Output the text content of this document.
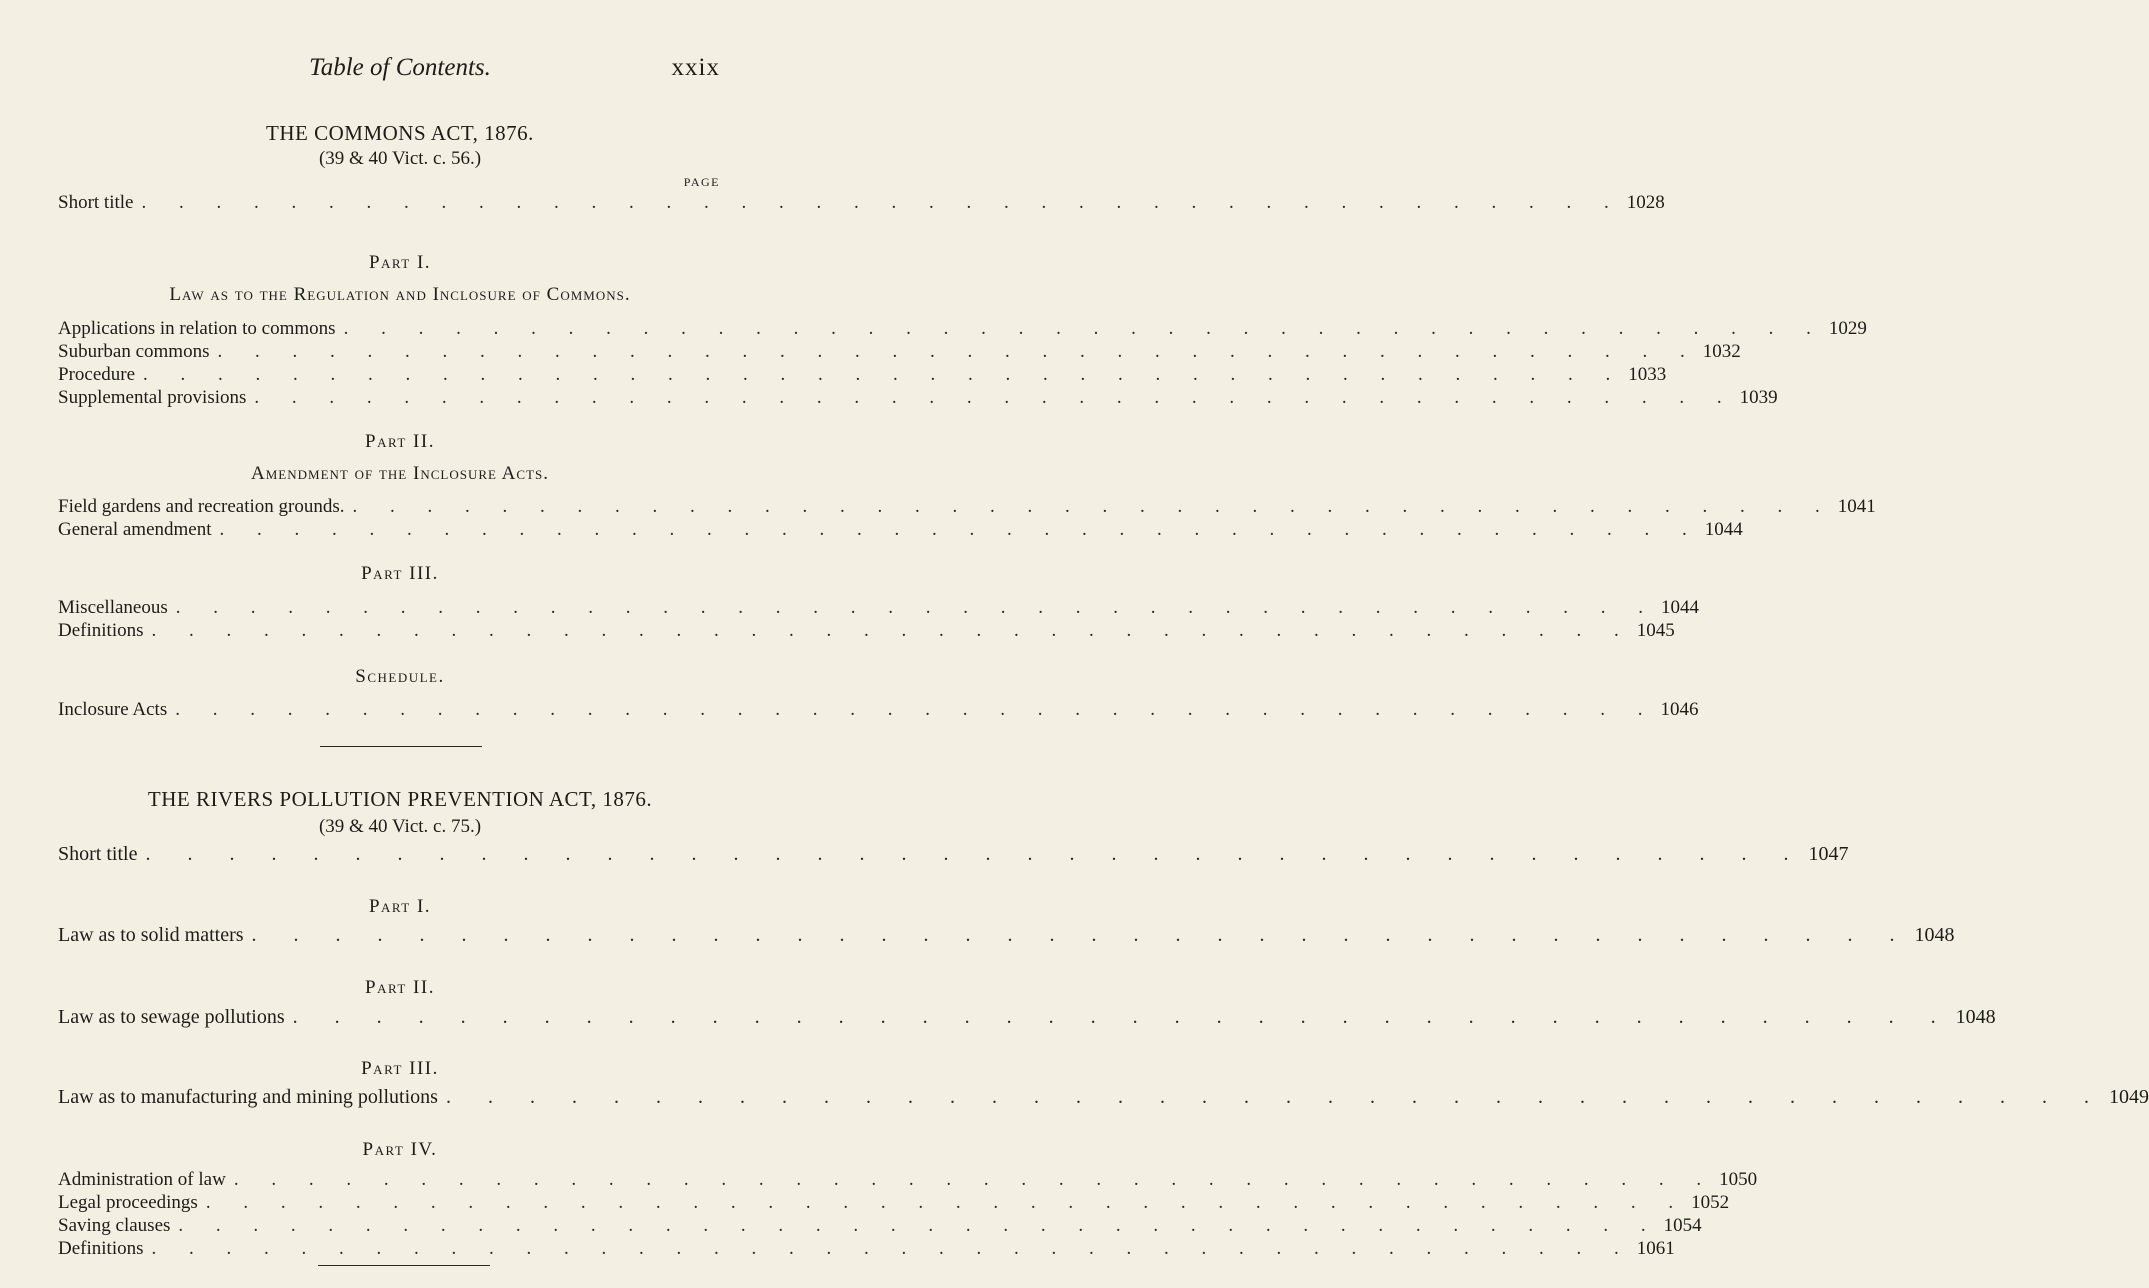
Table of Contents.	xxix
THE COMMONS ACT, 1876.
(39 & 40 Vict. c. 56.)
PAGE
Short title . . . . . . . . . . . . . . . . . . . . . . . . . . . . . . . . . . . . . . . . 1028
Part I.
Law as to the Regulation and Inclosure of Commons.
Applications in relation to commons . . . . . . . . . . . . . . . . . . . . . . . . . . . . . . . . . . . . . . . . 1029
Suburban commons . . . . . . . . . . . . . . . . . . . . . . . . . . . . . . . . . . . . . . . . 1032
Procedure . . . . . . . . . . . . . . . . . . . . . . . . . . . . . . . . . . . . . . . . 1033
Supplemental provisions . . . . . . . . . . . . . . . . . . . . . . . . . . . . . . . . . . . . . . . . 1039
Part II.
Amendment of the Inclosure Acts.
Field gardens and recreation grounds. . . . . . . . . . . . . . . . . . . . . . . . . . . . . . . . . . . . . . . . . 1041
General amendment . . . . . . . . . . . . . . . . . . . . . . . . . . . . . . . . . . . . . . . . 1044
Part III.
Miscellaneous . . . . . . . . . . . . . . . . . . . . . . . . . . . . . . . . . . . . . . . . 1044
Definitions . . . . . . . . . . . . . . . . . . . . . . . . . . . . . . . . . . . . . . . . 1045
Schedule.
Inclosure Acts . . . . . . . . . . . . . . . . . . . . . . . . . . . . . . . . . . . . . . . . 1046
THE RIVERS POLLUTION PREVENTION ACT, 1876.
(39 & 40 Vict. c. 75.)
Short title . . . . . . . . . . . . . . . . . . . . . . . . . . . . . . . . . . . . . . . . 1047
Part I.
Law as to solid matters . . . . . . . . . . . . . . . . . . . . . . . . . . . . . . . . . . . . . . . . 1048
Part II.
Law as to sewage pollutions . . . . . . . . . . . . . . . . . . . . . . . . . . . . . . . . . . . . . . . . 1048
Part III.
Law as to manufacturing and mining pollutions . . . . . . . . . . . . . . . . . . . . . . . . . . . . . . . . . . . . . . . . 1049
Part IV.
Administration of law . . . . . . . . . . . . . . . . . . . . . . . . . . . . . . . . . . . . . . . . 1050
Legal proceedings . . . . . . . . . . . . . . . . . . . . . . . . . . . . . . . . . . . . . . . . 1052
Saving clauses . . . . . . . . . . . . . . . . . . . . . . . . . . . . . . . . . . . . . . . . 1054
Definitions . . . . . . . . . . . . . . . . . . . . . . . . . . . . . . . . . . . . . . . . 1061
